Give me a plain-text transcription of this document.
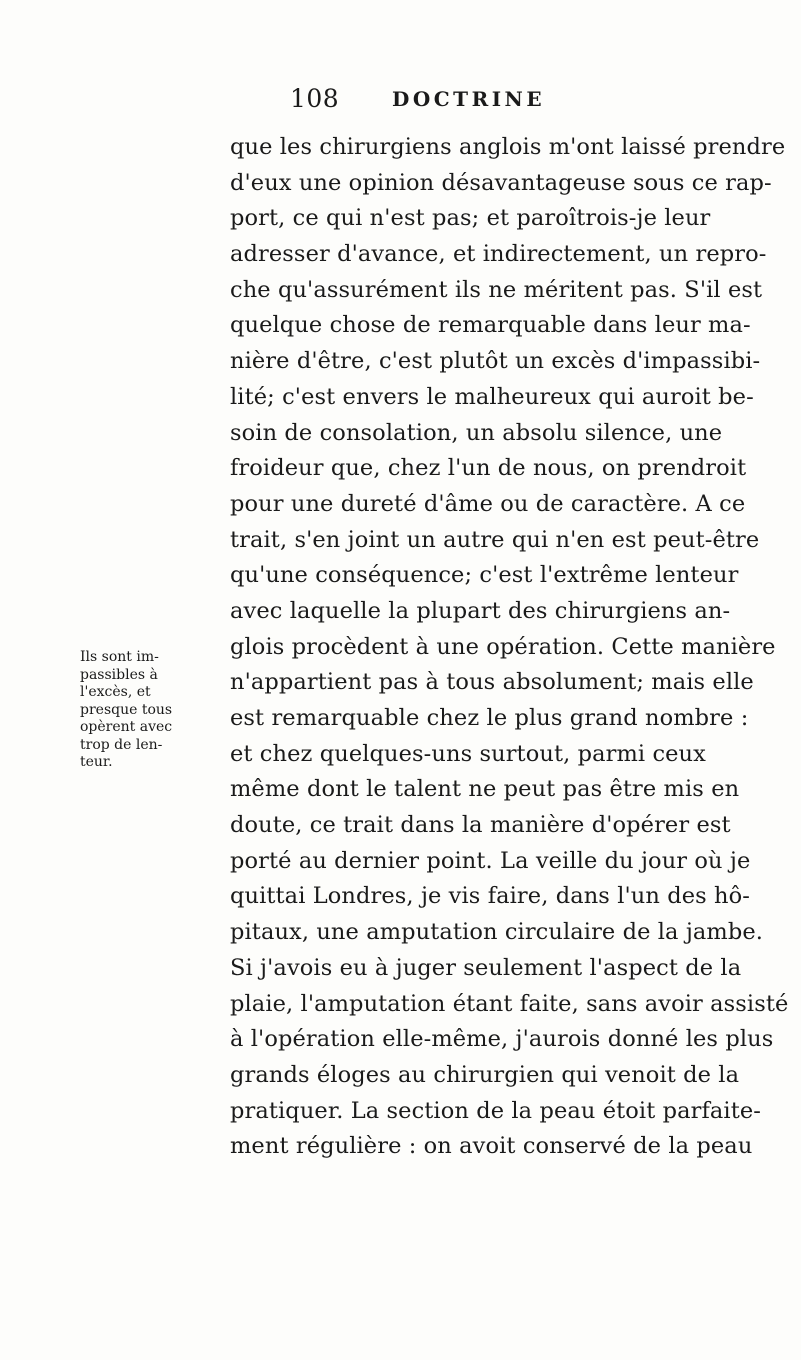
108	DOCTRINE
Ils sont im-
passibles à
l'excès, et
presque tous
opèrent avec
trop de len-
teur.
que les chirurgiens anglois m'ont laissé prendre
d'eux une opinion désavantageuse sous ce rap-
port, ce qui n'est pas; et paroîtrois-je leur
adresser d'avance, et indirectement, un repro-
che qu'assurément ils ne méritent pas. S'il est
quelque chose de remarquable dans leur ma-
nière d'être, c'est plutôt un excès d'impassibi-
lité; c'est envers le malheureux qui auroit be-
soin de consolation, un absolu silence, une
froideur que, chez l'un de nous, on prendroit
pour une dureté d'âme ou de caractère. A ce
trait, s'en joint un autre qui n'en est peut-être
qu'une conséquence; c'est l'extrême lenteur
avec laquelle la plupart des chirurgiens an-
glois procèdent à une opération. Cette manière
n'appartient pas à tous absolument; mais elle
est remarquable chez le plus grand nombre :
et chez quelques-uns surtout, parmi ceux
même dont le talent ne peut pas être mis en
doute, ce trait dans la manière d'opérer est
porté au dernier point. La veille du jour où je
quittai Londres, je vis faire, dans l'un des hô-
pitaux, une amputation circulaire de la jambe.
Si j'avois eu à juger seulement l'aspect de la
plaie, l'amputation étant faite, sans avoir assisté
à l'opération elle-même, j'aurois donné les plus
grands éloges au chirurgien qui venoit de la
pratiquer. La section de la peau étoit parfaite-
ment régulière : on avoit conservé de la peau
